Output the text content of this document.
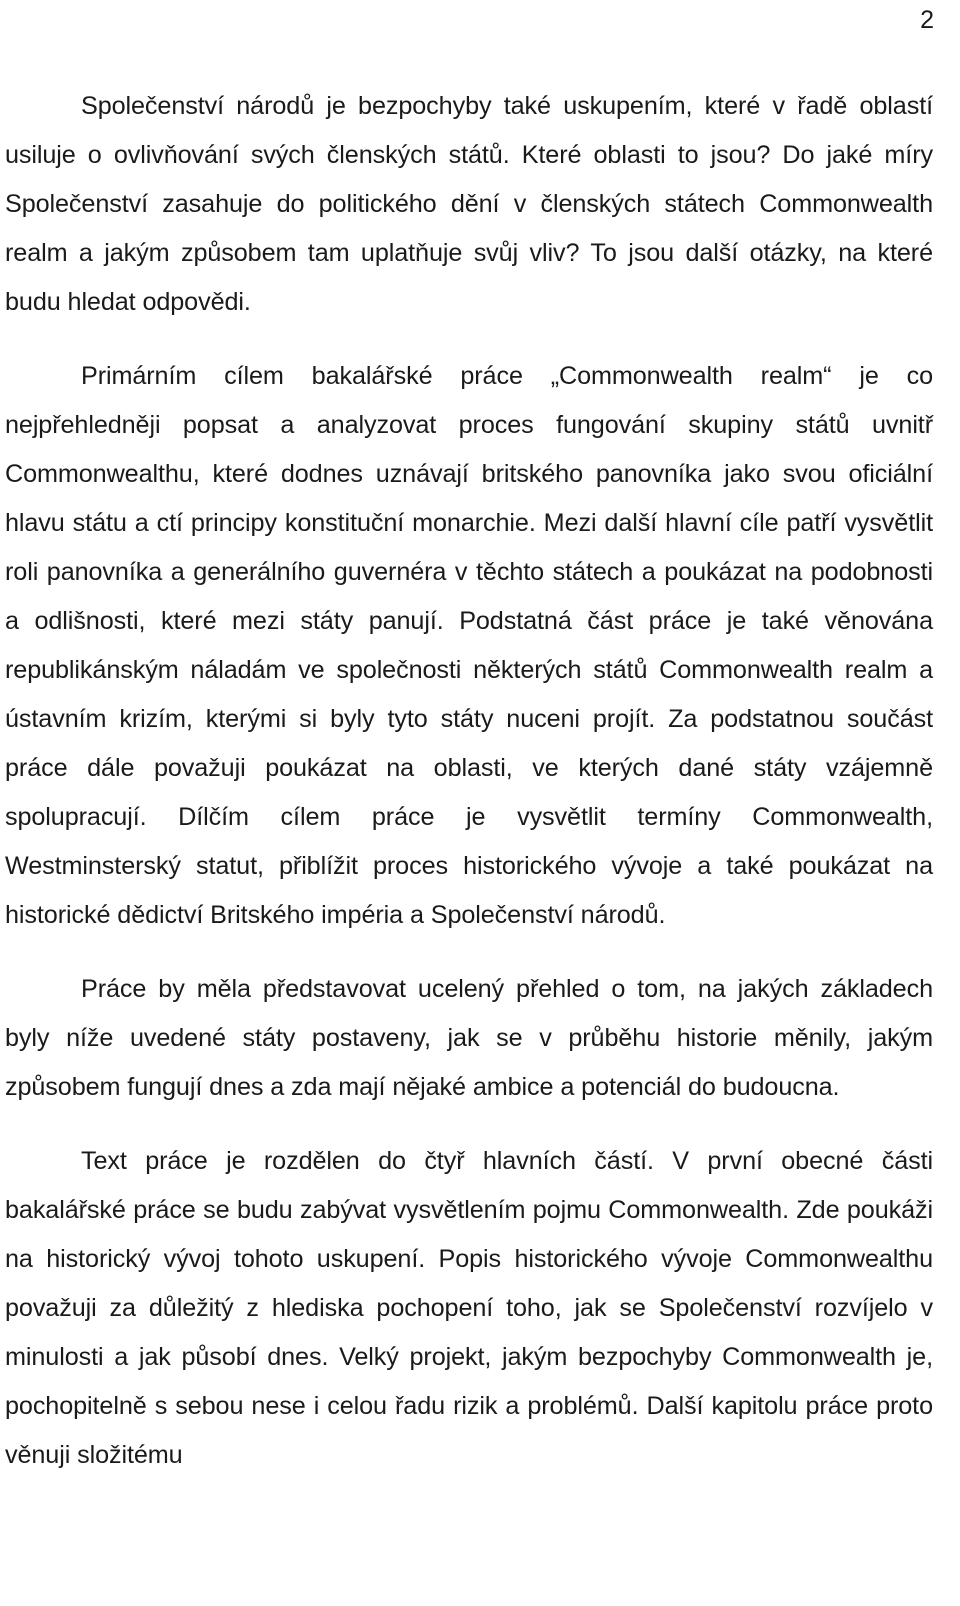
2

Společenství národů je bezpochyby také uskupením, které v řadě oblastí usiluje o ovlivňování svých členských států. Které oblasti to jsou? Do jaké míry Společenství zasahuje do politického dění v členských státech Commonwealth realm a jakým způsobem tam uplatňuje svůj vliv? To jsou další otázky, na které budu hledat odpovědi.

Primárním cílem bakalářské práce „Commonwealth realm“ je co nejpřehledněji popsat a analyzovat proces fungování skupiny států uvnitř Commonwealthu, které dodnes uznávají britského panovníka jako svou oficiální hlavu státu a ctí principy konstituční monarchie. Mezi další hlavní cíle patří vysvětlit roli panovníka a generálního guvernéra v těchto státech a poukázat na podobnosti a odlišnosti, které mezi státy panují. Podstatná část práce je také věnována republikánským náladám ve společnosti některých států Commonwealth realm a ústavním krizím, kterými si byly tyto státy nuceni projít. Za podstatnou součást práce dále považuji poukázat na oblasti, ve kterých dané státy vzájemně spolupracují. Dílčím cílem práce je vysvětlit termíny Commonwealth, Westminsterský statut, přiblížit proces historického vývoje a také poukázat na historické dědictví Britského impéria a Společenství národů.

Práce by měla představovat ucelený přehled o tom, na jakých základech byly níže uvedené státy postaveny, jak se v průběhu historie měnily, jakým způsobem fungují dnes a zda mají nějaké ambice a potenciál do budoucna.

Text práce je rozdělen do čtyř hlavních částí. V první obecné části bakalářské práce se budu zabývat vysvětlením pojmu Commonwealth. Zde poukáži na historický vývoj tohoto uskupení. Popis historického vývoje Commonwealthu považuji za důležitý z hlediska pochopení toho, jak se Společenství rozvíjelo v minulosti a jak působí dnes. Velký projekt, jakým bezpochyby Commonwealth je, pochopitelně s sebou nese i celou řadu rizik a problémů. Další kapitolu práce proto věnuji složitému
